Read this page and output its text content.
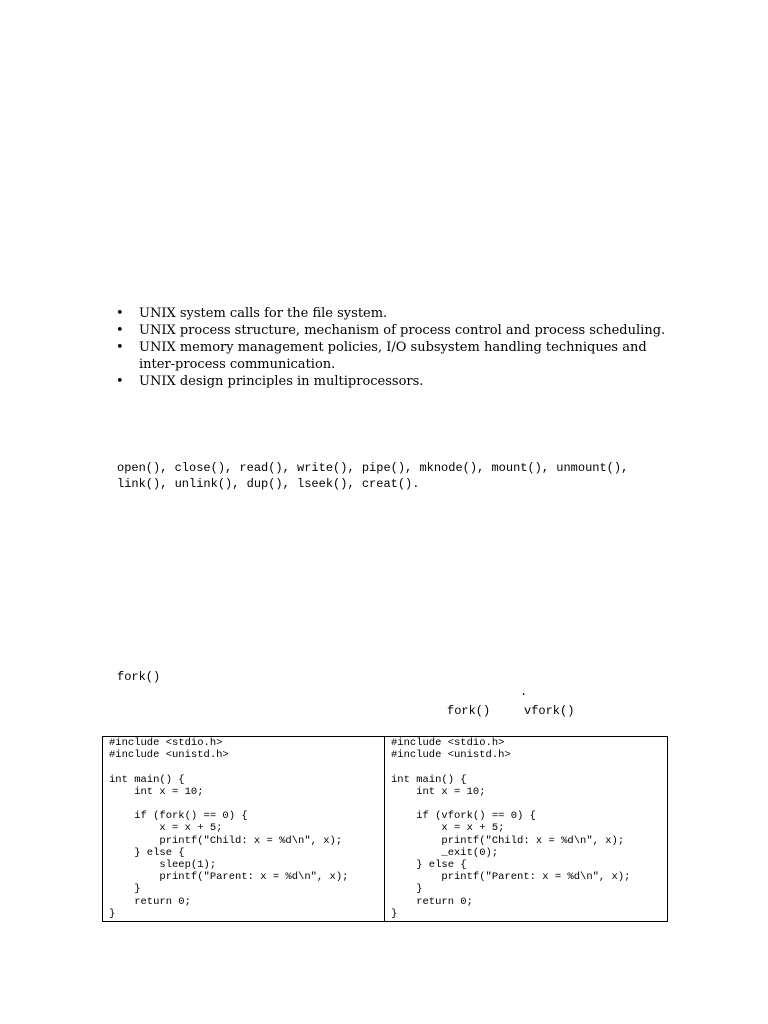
• UNIX system calls for the file system.
• UNIX process structure, mechanism of process control and process scheduling.
• UNIX memory management policies, I/O subsystem handling techniques and inter-process communication.
• UNIX design principles in multiprocessors.
open(), close(), read(), write(), pipe(), mknode(), mount(), unmount(),
link(), unlink(), dup(), lseek(), creat().
fork()
.
fork()	vfork()
#include <stdio.h>
#include <unistd.h>

int main() {
int x = 10;

if (fork() == 0) {
x = x + 5;
printf("Child: x = %d\n", x);
} else {
sleep(1);
printf("Parent: x = %d\n", x);
}
return 0;
}
#include <stdio.h>
#include <unistd.h>

int main() {
int x = 10;

if (vfork() == 0) {
x = x + 5;
printf("Child: x = %d\n", x);
_exit(0);
} else {
printf("Parent: x = %d\n", x);
}
return 0;
}
